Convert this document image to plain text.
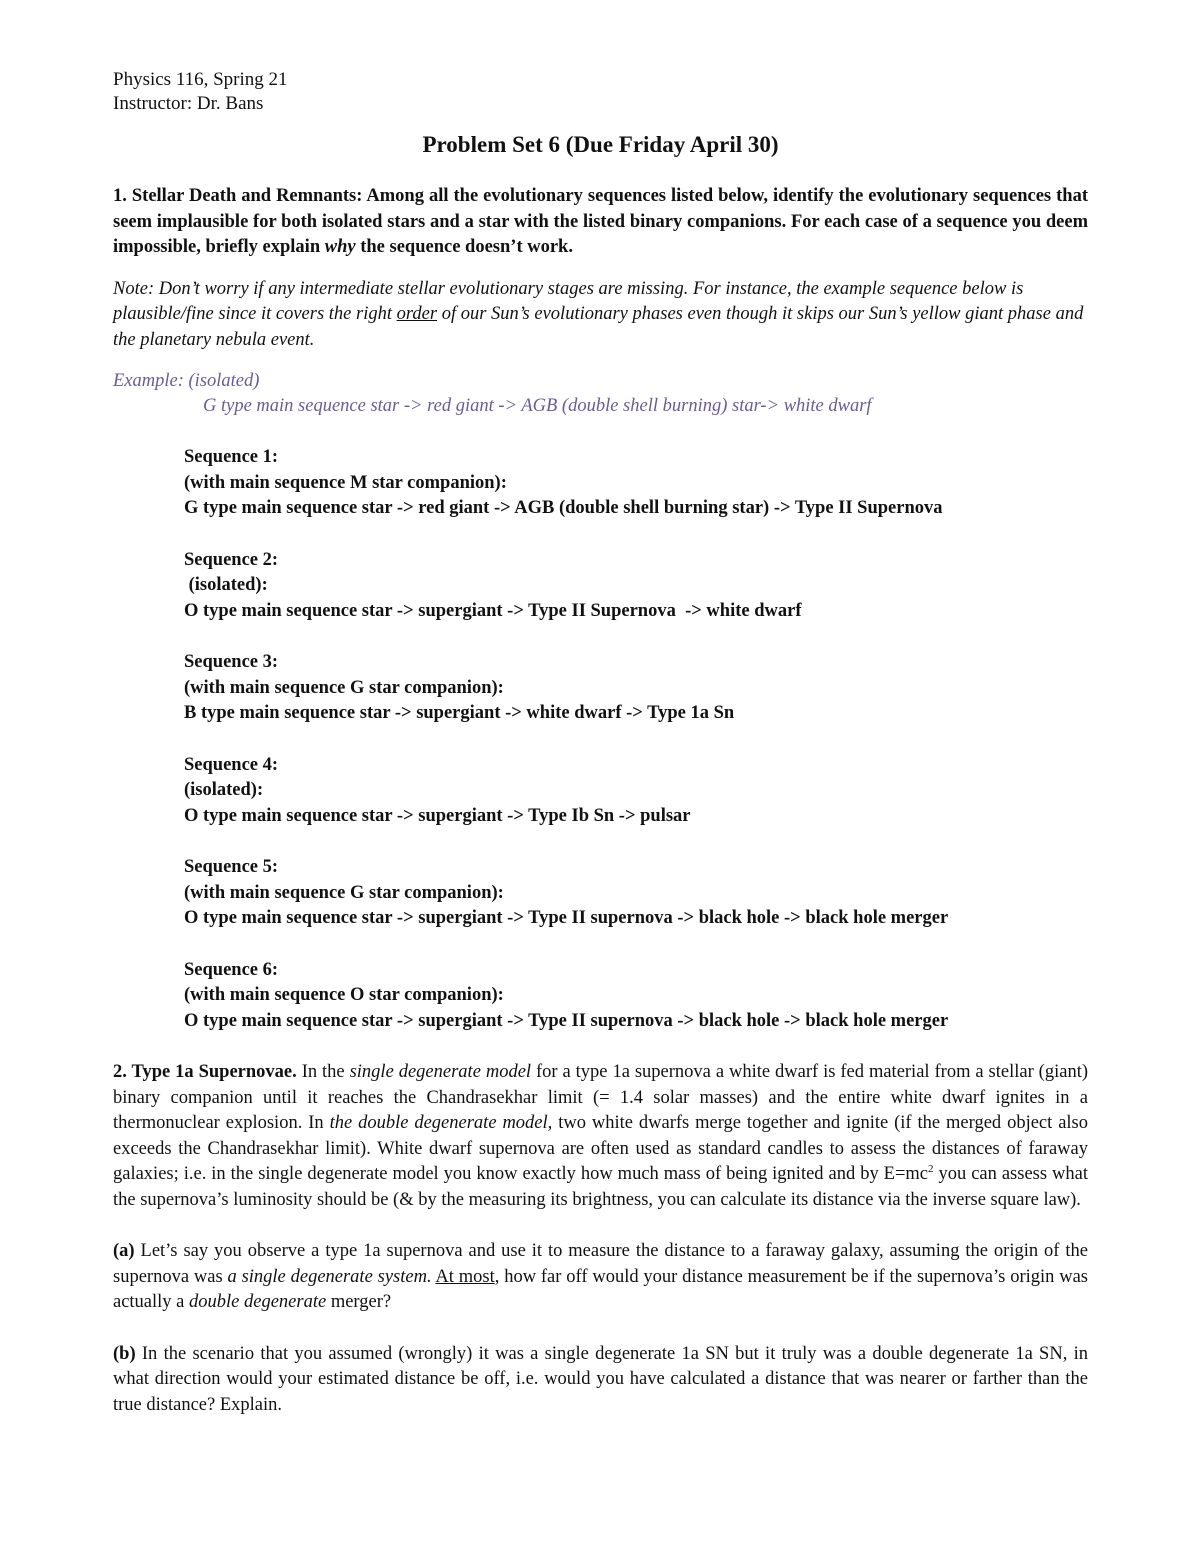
Physics 116, Spring 21
Instructor: Dr. Bans
Problem Set 6 (Due Friday April 30)
1. Stellar Death and Remnants: Among all the evolutionary sequences listed below, identify the evolutionary sequences that seem implausible for both isolated stars and a star with the listed binary companions. For each case of a sequence you deem impossible, briefly explain why the sequence doesn’t work.
Note: Don’t worry if any intermediate stellar evolutionary stages are missing. For instance, the example sequence below is plausible/fine since it covers the right order of our Sun’s evolutionary phases even though it skips our Sun’s yellow giant phase and the planetary nebula event.
Example: (isolated)
G type main sequence star -> red giant -> AGB (double shell burning) star-> white dwarf
Sequence 1:
(with main sequence M star companion):
G type main sequence star -> red giant -> AGB (double shell burning star) -> Type II Supernova
Sequence 2:
(isolated):
O type main sequence star -> supergiant -> Type II Supernova  -> white dwarf
Sequence 3:
(with main sequence G star companion):
B type main sequence star -> supergiant -> white dwarf -> Type 1a Sn
Sequence 4:
(isolated):
O type main sequence star -> supergiant -> Type Ib Sn -> pulsar
Sequence 5:
(with main sequence G star companion):
O type main sequence star -> supergiant -> Type II supernova -> black hole -> black hole merger
Sequence 6:
(with main sequence O star companion):
O type main sequence star -> supergiant -> Type II supernova -> black hole -> black hole merger
2. Type 1a Supernovae. In the single degenerate model for a type 1a supernova a white dwarf is fed material from a stellar (giant) binary companion until it reaches the Chandrasekhar limit (= 1.4 solar masses) and the entire white dwarf ignites in a thermonuclear explosion. In the double degenerate model, two white dwarfs merge together and ignite (if the merged object also exceeds the Chandrasekhar limit). White dwarf supernova are often used as standard candles to assess the distances of faraway galaxies; i.e. in the single degenerate model you know exactly how much mass of being ignited and by $E=mc^2$ you can assess what the supernova’s luminosity should be (& by the measuring its brightness, you can calculate its distance via the inverse square law).
(a) Let’s say you observe a type 1a supernova and use it to measure the distance to a faraway galaxy, assuming the origin of the supernova was a single degenerate system. At most, how far off would your distance measurement be if the supernova’s origin was actually a double degenerate merger?
(b) In the scenario that you assumed (wrongly) it was a single degenerate 1a SN but it truly was a double degenerate 1a SN, in what direction would your estimated distance be off, i.e. would you have calculated a distance that was nearer or farther than the true distance? Explain.
